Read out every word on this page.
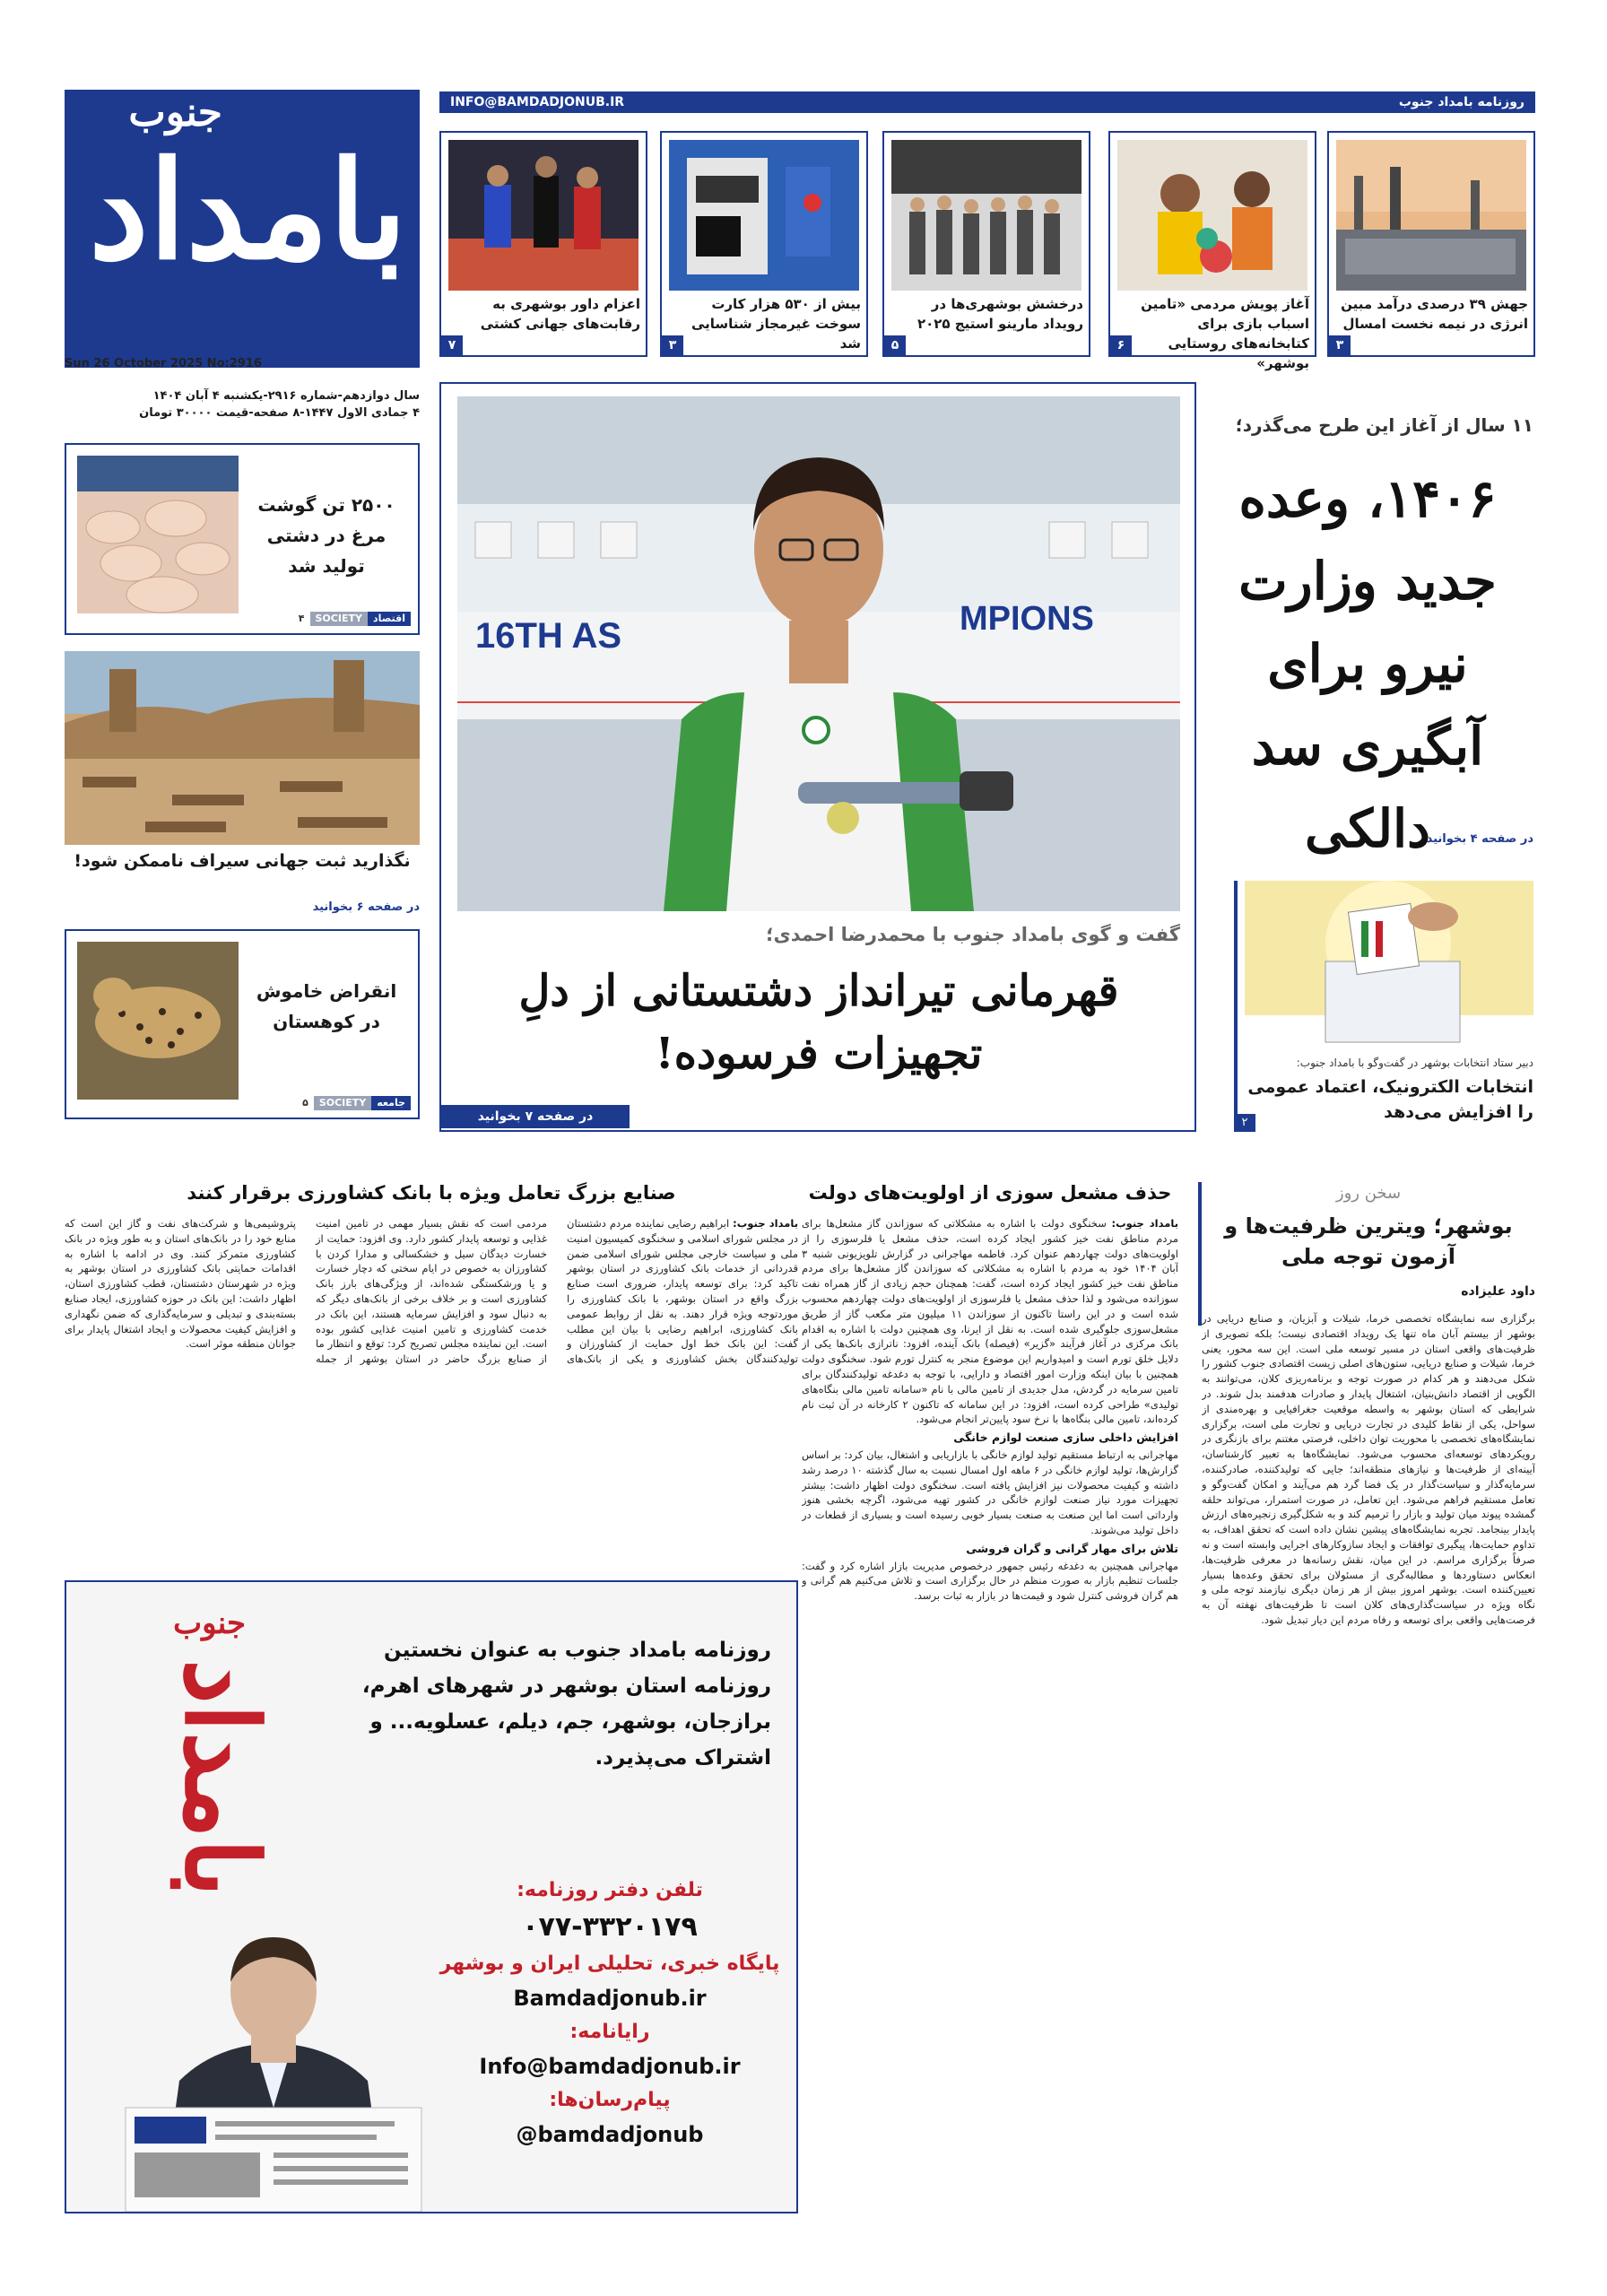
INFO@BAMDADJONUB.IR	روزنامه بامداد جنوب
جنوب
بامداد
Sun 26 October 2025 No:2916
سال دوازدهم-شماره ۲۹۱۶-یکشنبه ۴ آبان ۱۴۰۴
۴ جمادی الاول ۱۴۴۷-۸ صفحه-قیمت ۳۰۰۰۰ تومان
جهش ۳۹ درصدی درآمد مبین انرژی در نیمه نخست امسال
۳
آغاز پویش مردمی «تامین اسباب بازی برای کتابخانه‌های روستایی بوشهر»
۶
درخشش بوشهری‌ها در رویداد مارینو استیج ۲۰۲۵
۵
بیش از ۵۳۰ هزار کارت سوخت غیرمجاز شناسایی شد
۳
اعزام داور بوشهری به رقابت‌های جهانی کشتی
۷
۱۱ سال از آغاز این طرح می‌گذرد؛
۱۴۰۶، وعده جدید وزارت نیرو برای آبگیری سد دالکی
در صفحه ۴ بخوانید
دبیر ستاد انتخابات بوشهر در گفت‌وگو با بامداد جنوب:
انتخابات الکترونیک، اعتماد عمومی را افزایش می‌دهد
۲
16TH AS	MPIONS
گفت و گوی بامداد جنوب با محمدرضا احمدی؛
قهرمانی تیرانداز دشتستانی از دلِ تجهیزات فرسوده!
در صفحه ۷ بخوانید
۲۵۰۰ تن گوشت مرغ در دشتی تولید شد
اقتصاد
SOCIETY
۴
نگذارید ثبت جهانی سیراف ناممکن شود!
در صفحه ۶ بخوانید
انقراض خاموش در کوهستان
جامعه
SOCIETY
۵
سخن روز
بوشهر؛ ویترین ظرفیت‌ها و آزمون توجه ملی
داود علیزاده
برگزاری سه نمایشگاه تخصصی خرما، شیلات و آبزیان، و صنایع دریایی در بوشهر از بیستم آبان ماه تنها یک رویداد اقتصادی نیست؛ بلکه تصویری از ظرفیت‌های واقعی استان در مسیر توسعه ملی است. این سه محور، یعنی خرما، شیلات و صنایع دریایی، ستون‌های اصلی زیست اقتصادی جنوب کشور را شکل می‌دهند و هر کدام در صورت توجه و برنامه‌ریزی کلان، می‌توانند به الگویی از اقتصاد دانش‌بنیان، اشتغال پایدار و صادرات هدفمند بدل شوند. در شرایطی که استان بوشهر به واسطه موقعیت جغرافیایی و بهره‌مندی از سواحل، یکی از نقاط کلیدی در تجارت دریایی و تجارت ملی است، برگزاری نمایشگاه‌های تخصصی با محوریت توان داخلی، فرصتی مغتنم برای بازنگری در رویکردهای توسعه‌ای محسوب می‌شود. نمایشگاه‌ها به تعبیر کارشناسان، آیینه‌ای از ظرفیت‌ها و نیازهای منطقه‌اند؛ جایی که تولیدکننده، صادرکننده، سرمایه‌گذار و سیاست‌گذار در یک فضا گرد هم می‌آیند و امکان گفت‌وگو و تعامل مستقیم فراهم می‌شود. این تعامل، در صورت استمرار، می‌تواند حلقه گمشده پیوند میان تولید و بازار را ترمیم کند و به شکل‌گیری زنجیره‌های ارزش پایدار بینجامد. تجربه نمایشگاه‌های پیشین نشان داده است که تحقق اهداف، به تداوم حمایت‌ها، پیگیری توافقات و ایجاد سازوکارهای اجرایی وابسته است و نه صرفاً برگزاری مراسم. در این میان، نقش رسانه‌ها در معرفی ظرفیت‌ها، انعکاس دستاوردها و مطالبه‌گری از مسئولان برای تحقق وعده‌ها بسیار تعیین‌کننده است. بوشهر امروز بیش از هر زمان دیگری نیازمند توجه ملی و نگاه ویژه در سیاست‌گذاری‌های کلان است تا ظرفیت‌های نهفته آن به فرصت‌هایی واقعی برای توسعه و رفاه مردم این دیار تبدیل شود.
حذف مشعل سوزی از اولویت‌های دولت
بامداد جنوب: سخنگوی دولت با اشاره به مشکلاتی که سوزاندن گاز مشعل‌ها برای مردم مناطق نفت خیز کشور ایجاد کرده است، حذف مشعل یا فلرسوزی را از اولویت‌های دولت چهاردهم عنوان کرد. فاطمه مهاجرانی در گزارش تلویزیونی شنبه ۳ آبان ۱۴۰۴ خود به مردم با اشاره به مشکلاتی که سوزاندن گاز مشعل‌ها برای مردم مناطق نفت خیز کشور ایجاد کرده است، گفت: همچنان حجم زیادی از گاز همراه نفت سوزانده می‌شود و لذا حذف مشعل یا فلرسوزی از اولویت‌های دولت چهاردهم محسوب شده است و در این راستا تاکنون از سوزاندن ۱۱ میلیون متر مکعب گاز از طریق مشعل‌سوزی جلوگیری شده است. به نقل از ایرنا، وی همچنین دولت با اشاره به اقدام بانک مرکزی در آغاز فرآیند «گزیر» (فیصله) بانک آینده، افزود: ناترازی بانک‌ها یکی از دلایل خلق تورم است و امیدواریم این موضوع منجر به کنترل تورم شود. سخنگوی دولت همچنین با بیان اینکه وزارت امور اقتصاد و دارایی، با توجه به دغدغه تولیدکنندگان برای تامین سرمایه در گردش، مدل جدیدی از تامین مالی با نام «سامانه تامین مالی بنگاه‌های تولیدی» طراحی کرده است، افزود: در این سامانه که تاکنون ۲ کارخانه در آن ثبت نام کرده‌اند، تامین مالی بنگاه‌ها با نرخ سود پایین‌تر انجام می‌شود.
افزایش داخلی سازی صنعت لوازم خانگی
مهاجرانی به ارتباط مستقیم تولید لوازم خانگی با بازاریابی و اشتغال، بیان کرد: بر اساس گزارش‌ها، تولید لوازم خانگی در ۶ ماهه اول امسال نسبت به سال گذشته ۱۰ درصد رشد داشته و کیفیت محصولات نیز افزایش یافته است. سخنگوی دولت اظهار داشت: بیشتر تجهیزات مورد نیاز صنعت لوازم خانگی در کشور تهیه می‌شود، اگرچه بخشی هنوز وارداتی است اما این صنعت به صنعت بسیار خوبی رسیده است و بسیاری از قطعات در داخل تولید می‌شوند.
تلاش برای مهار گرانی و گران فروشی
مهاجرانی همچنین به دغدغه رئیس جمهور درخصوص مدیریت بازار اشاره کرد و گفت: جلسات تنظیم بازار به صورت منظم در حال برگزاری است و تلاش می‌کنیم هم گرانی و هم گران فروشی کنترل شود و قیمت‌ها در بازار به ثبات برسد.
صنایع بزرگ تعامل ویژه با بانک کشاورزی برقرار کنند
بامداد جنوب: ابراهیم رضایی نماینده مردم دشتستان در مجلس شورای اسلامی و سخنگوی کمیسیون امنیت ملی و سیاست خارجی مجلس شورای اسلامی ضمن قدردانی از خدمات بانک کشاورزی در استان بوشهر تاکید کرد: برای توسعه پایدار، ضروری است صنایع بزرگ واقع در استان بوشهر، با بانک کشاورزی را موردتوجه ویژه قرار دهند. به نقل از روابط عمومی بانک کشاورزی، ابراهیم رضایی با بیان این مطلب گفت: این بانک خط اول حمایت از کشاورزان و تولیدکنندگان بخش کشاورزی و یکی از بانک‌های مردمی است که نقش بسیار مهمی در تامین امنیت غذایی و توسعه پایدار کشور دارد. وی افزود: حمایت از خسارت دیدگان سیل و خشکسالی و مدارا کردن با کشاورزان به خصوص در ایام سختی که دچار خسارت و یا ورشکستگی شده‌اند، از ویژگی‌های بارز بانک کشاورزی است و بر خلاف برخی از بانک‌های دیگر که به دنبال سود و افزایش سرمایه هستند، این بانک در خدمت کشاورزی و تامین امنیت غذایی کشور بوده است. این نماینده مجلس تصریح کرد: توقع و انتظار ما از صنایع بزرگ حاضر در استان بوشهر از جمله پتروشیمی‌ها و شرکت‌های نفت و گاز این است که منابع خود را در بانک‌های استان و به طور ویژه در بانک کشاورزی متمرکز کنند. وی در ادامه با اشاره به اقدامات حمایتی بانک کشاورزی در استان بوشهر به ویژه در شهرستان دشتستان، قطب کشاورزی استان، اظهار داشت: این بانک در حوزه کشاورزی، ایجاد صنایع بسته‌بندی و تبدیلی و سرمایه‌گذاری که ضمن نگهداری و افزایش کیفیت محصولات و ایجاد اشتغال پایدار برای جوانان منطقه موثر است.
جنوب
بامداد
روزنامه بامداد جنوب به عنوان نخستین روزنامه استان بوشهر در شهرهای اهرم، برازجان، بوشهر، جم، دیلم، عسلویه... و اشتراک می‌پذیرد.
تلفن دفتر روزنامه:
۰۷۷-۳۳۲۰۱۷۹
پایگاه خبری، تحلیلی ایران و بوشهر
Bamdadjonub.ir
رایانامه:
Info@bamdadjonub.ir
پیام‌رسان‌ها:
@bamdadjonub
